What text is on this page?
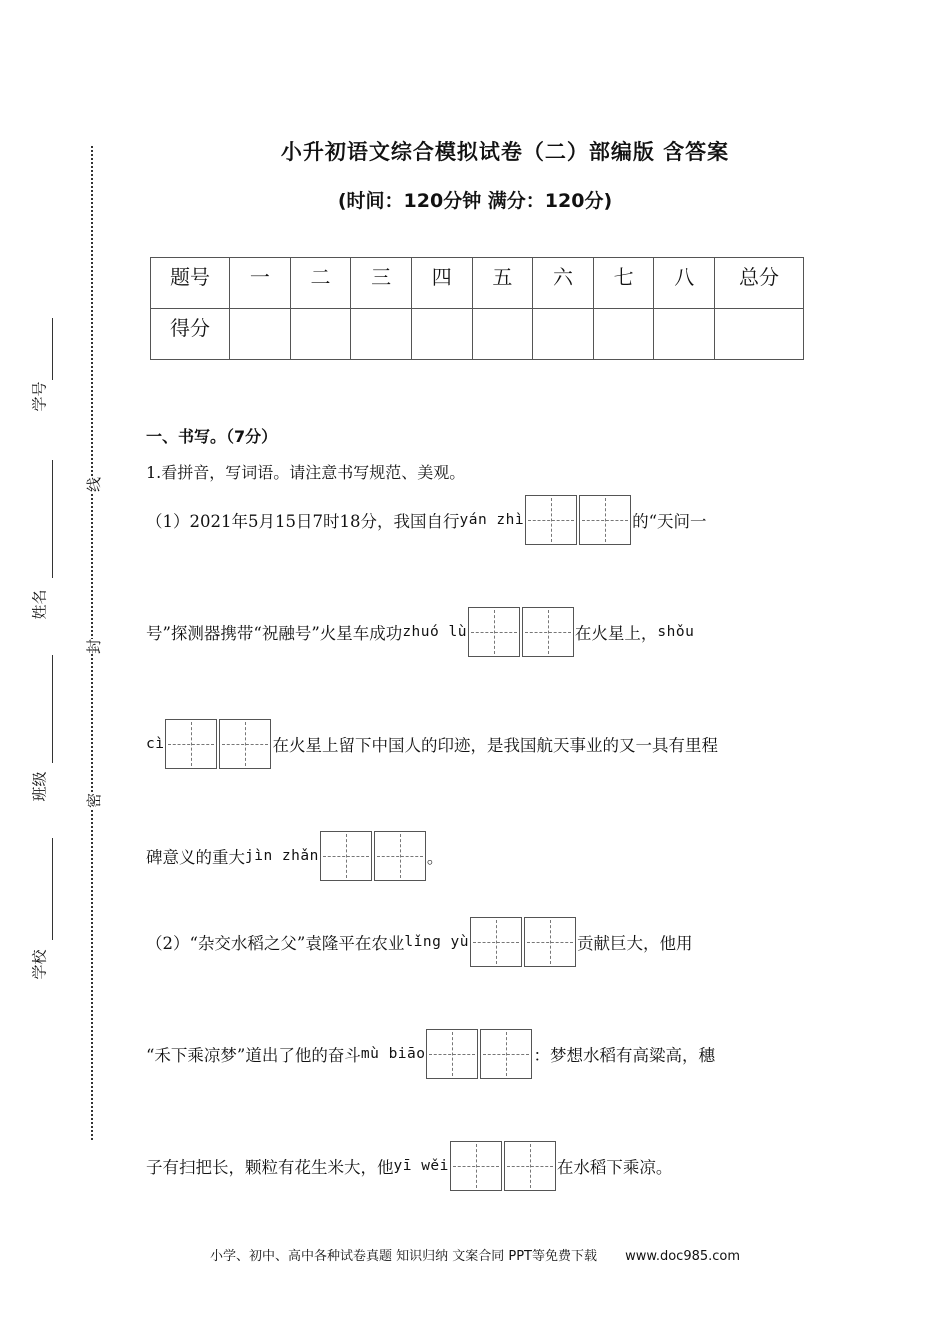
学号
姓名
班级
学校
线
封
密
小升初语文综合模拟试卷（二）部编版 含答案
(时间：120分钟 满分：120分)
题号	一	二	三	四	五	六	七	八	总分
得分									
一、书写。（7分）
1.看拼音，写词语。请注意书写规范、美观。
（1）2021年5月15日7时18分，我国自行 yán zhì	的“天问一
号”探测器携带“祝融号”火星车成功 zhuó lù	在火星上， shǒu
cì	在火星上留下中国人的印迹，是我国航天事业的又一具有里程
碑意义的重大 jìn zhǎn	。
（2）“杂交水稻之父”袁隆平在农业 lǐng yù	贡献巨大，他用
“禾下乘凉梦”道出了他的奋斗 mù biāo	：梦想水稻有高粱高，穗
子有扫把长，颗粒有花生米大，他 yī wěi	在水稻下乘凉。
小学、初中、高中各种试卷真题 知识归纳 文案合同 PPT等免费下载 www.doc985.com
